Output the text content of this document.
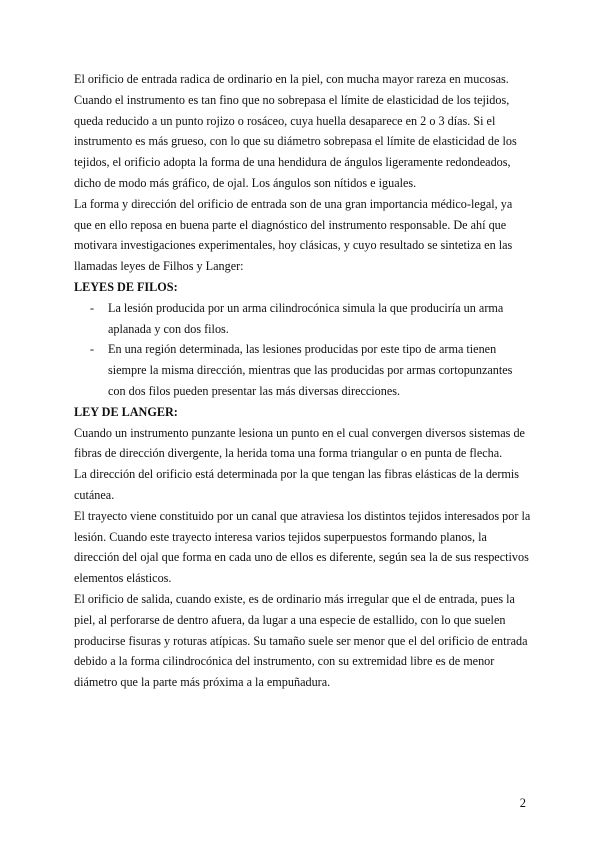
El orificio de entrada radica de ordinario en la piel, con mucha mayor rareza en mucosas.

Cuando el instrumento es tan fino que no sobrepasa el límite de elasticidad de los tejidos, queda reducido a un punto rojizo o rosáceo, cuya huella desaparece en 2 o 3 días. Si el instrumento es más grueso, con lo que su diámetro sobrepasa el límite de elasticidad de los tejidos, el orificio adopta la forma de una hendidura de ángulos ligeramente redondeados, dicho de modo más gráfico, de ojal. Los ángulos son nítidos e iguales.

La forma y dirección del orificio de entrada son de una gran importancia médico-legal, ya que en ello reposa en buena parte el diagnóstico del instrumento responsable. De ahí que motivara investigaciones experimentales, hoy clásicas, y cuyo resultado se sintetiza en las llamadas leyes de Filhos y Langer:

LEYES DE FILOS:

- La lesión producida por un arma cilindrocónica simula la que produciría un arma aplanada y con dos filos.
- En una región determinada, las lesiones producidas por este tipo de arma tienen siempre la misma dirección, mientras que las producidas por armas cortopunzantes con dos filos pueden presentar las más diversas direcciones.

LEY DE LANGER:

Cuando un instrumento punzante lesiona un punto en el cual convergen diversos sistemas de fibras de dirección divergente, la herida toma una forma triangular o en punta de flecha.

La dirección del orificio está determinada por la que tengan las fibras elásticas de la dermis cutánea.

El trayecto viene constituido por un canal que atraviesa los distintos tejidos interesados por la lesión. Cuando este trayecto interesa varios tejidos superpuestos formando planos, la dirección del ojal que forma en cada uno de ellos es diferente, según sea la de sus respectivos elementos elásticos.

El orificio de salida, cuando existe, es de ordinario más irregular que el de entrada, pues la piel, al perforarse de dentro afuera, da lugar a una especie de estallido, con lo que suelen producirse fisuras y roturas atípicas. Su tamaño suele ser menor que el del orificio de entrada debido a la forma cilindrocónica del instrumento, con su extremidad libre es de menor diámetro que la parte más próxima a la empuñadura.

2
